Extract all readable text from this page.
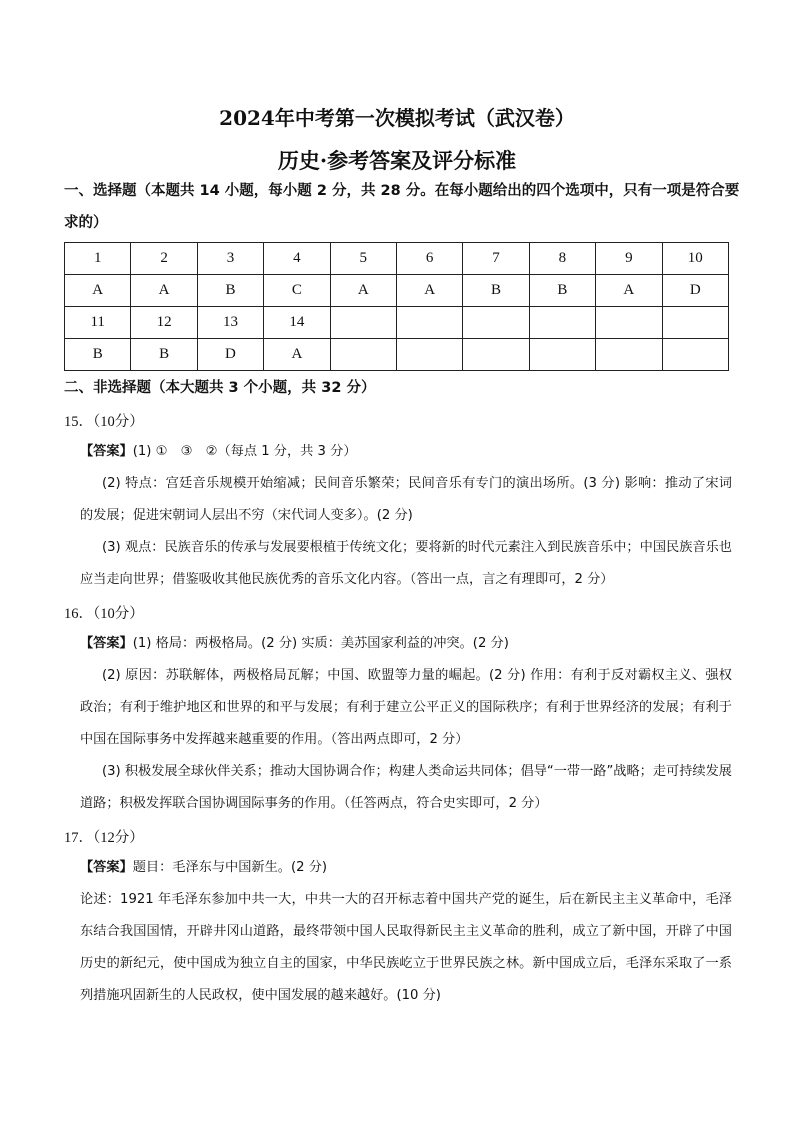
2024年中考第一次模拟考试（武汉卷）
历史·参考答案及评分标准
一、选择题（本题共 14 小题，每小题 2 分，共 28 分。在每小题给出的四个选项中，只有一项是符合要求的）
1	2	3	4	5	6	7	8	9	10
A	A	B	C	A	A	B	B	A	D
11	12	13	14						
B	B	D	A						
二、非选择题（本大题共 3 个小题，共 32 分）
15．（10分）
【答案】(1) ①　③　②（每点 1 分，共 3 分）
(2) 特点：宫廷音乐规模开始缩减；民间音乐繁荣；民间音乐有专门的演出场所。(3 分) 影响：推动了宋词的发展；促进宋朝词人层出不穷（宋代词人变多）。(2 分)
(3) 观点：民族音乐的传承与发展要根植于传统文化；要将新的时代元素注入到民族音乐中；中国民族音乐也应当走向世界；借鉴吸收其他民族优秀的音乐文化内容。（答出一点，言之有理即可，2 分）
16．（10分）
【答案】(1) 格局：两极格局。(2 分) 实质：美苏国家利益的冲突。(2 分)
(2) 原因：苏联解体，两极格局瓦解；中国、欧盟等力量的崛起。(2 分) 作用：有利于反对霸权主义、强权政治；有利于维护地区和世界的和平与发展；有利于建立公平正义的国际秩序；有利于世界经济的发展；有利于中国在国际事务中发挥越来越重要的作用。（答出两点即可，2 分）
(3) 积极发展全球伙伴关系；推动大国协调合作；构建人类命运共同体；倡导“一带一路”战略；走可持续发展道路；积极发挥联合国协调国际事务的作用。（任答两点，符合史实即可，2 分）
17．（12分）
【答案】题目：毛泽东与中国新生。(2 分)
论述：1921 年毛泽东参加中共一大，中共一大的召开标志着中国共产党的诞生，后在新民主主义革命中，毛泽东结合我国国情，开辟井冈山道路，最终带领中国人民取得新民主主义革命的胜利，成立了新中国，开辟了中国历史的新纪元，使中国成为独立自主的国家，中华民族屹立于世界民族之林。新中国成立后，毛泽东采取了一系列措施巩固新生的人民政权，使中国发展的越来越好。(10 分)
